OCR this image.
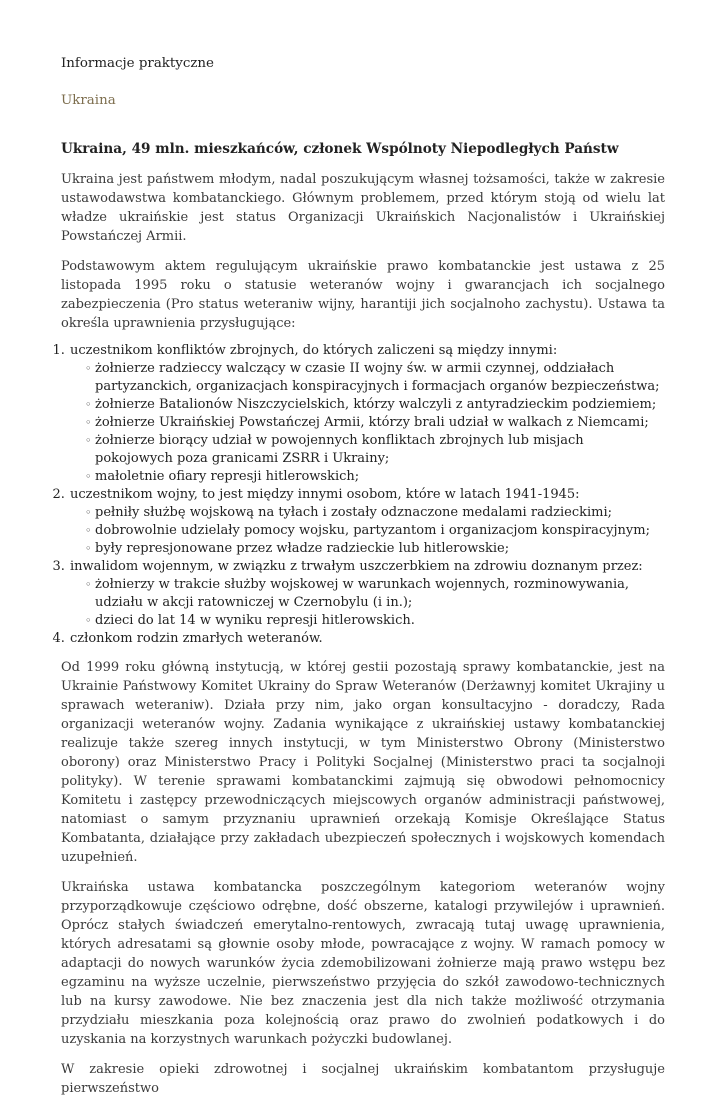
Informacje praktyczne
Ukraina
Ukraina, 49 mln. mieszkańców, członek Wspólnoty Niepodległych Państw

Ukraina jest państwem młodym, nadal poszukującym własnej tożsamości, także w zakresie ustawodawstwa kombatanckiego. Głównym problemem, przed którym stoją od wielu lat władze ukraińskie jest status Organizacji Ukraińskich Nacjonalistów i Ukraińskiej Powstańczej Armii.

Podstawowym aktem regulującym ukraińskie prawo kombatanckie jest ustawa z 25 listopada 1995 roku o statusie weteranów wojny i gwarancjach ich socjalnego zabezpieczenia (Pro status weteraniw wijny, harantiji jich socjalnoho zachystu). Ustawa ta określa uprawnienia przysługujące:

1. uczestnikom konfliktów zbrojnych, do których zaliczeni są między innymi:
◦ żołnierze radzieccy walczący w czasie II wojny św. w armii czynnej, oddziałach partyzanckich, organizacjach konspiracyjnych i formacjach organów bezpieczeństwa;
◦ żołnierze Batalionów Niszczycielskich, którzy walczyli z antyradzieckim podziemiem;
◦ żołnierze Ukraińskiej Powstańczej Armii, którzy brali udział w walkach z Niemcami;
◦ żołnierze biorący udział w powojennych konfliktach zbrojnych lub misjach pokojowych poza granicami ZSRR i Ukrainy;
◦ małoletnie ofiary represji hitlerowskich;
2. uczestnikom wojny, to jest między innymi osobom, które w latach 1941-1945:
◦ pełniły służbę wojskową na tyłach i zostały odznaczone medalami radzieckimi;
◦ dobrowolnie udzielały pomocy wojsku, partyzantom i organizacjom konspiracyjnym;
◦ były represjonowane przez władze radzieckie lub hitlerowskie;
3. inwalidom wojennym, w związku z trwałym uszczerbkiem na zdrowiu doznanym przez:
◦ żołnierzy w trakcie służby wojskowej w warunkach wojennych, rozminowywania, udziału w akcji ratowniczej w Czernobylu (i in.);
◦ dzieci do lat 14 w wyniku represji hitlerowskich.
4. członkom rodzin zmarłych weteranów.

Od 1999 roku główną instytucją, w której gestii pozostają sprawy kombatanckie, jest na Ukrainie Państwowy Komitet Ukrainy do Spraw Weteranów (Derżawnyj komitet Ukrajiny u sprawach weteraniw). Działa przy nim, jako organ konsultacyjno - doradczy, Rada organizacji weteranów wojny. Zadania wynikające z ukraińskiej ustawy kombatanckiej realizuje także szereg innych instytucji, w tym Ministerstwo Obrony (Ministerstwo oborony) oraz Ministerstwo Pracy i Polityki Socjalnej (Ministerstwo praci ta socjalnoji polityky). W terenie sprawami kombatanckimi zajmują się obwodowi pełnomocnicy Komitetu i zastępcy przewodniczących miejscowych organów administracji państwowej, natomiast o samym przyznaniu uprawnień orzekają Komisje Określające Status Kombatanta, działające przy zakładach ubezpieczeń społecznych i wojskowych komendach uzupełnień.

Ukraińska ustawa kombatancka poszczególnym kategoriom weteranów wojny przyporządkowuje częściowo odrębne, dość obszerne, katalogi przywilejów i uprawnień. Oprócz stałych świadczeń emerytalno-rentowych, zwracają tutaj uwagę uprawnienia, których adresatami są głownie osoby młode, powracające z wojny. W ramach pomocy w adaptacji do nowych warunków życia zdemobilizowani żołnierze mają prawo wstępu bez egzaminu na wyższe uczelnie, pierwszeństwo przyjęcia do szkół zawodowo-technicznych lub na kursy zawodowe. Nie bez znaczenia jest dla nich także możliwość otrzymania przydziału mieszkania poza kolejnością oraz prawo do zwolnień podatkowych i do uzyskania na korzystnych warunkach pożyczki budowlanej.

W zakresie opieki zdrowotnej i socjalnej ukraińskim kombatantom przysługuje pierwszeństwo
